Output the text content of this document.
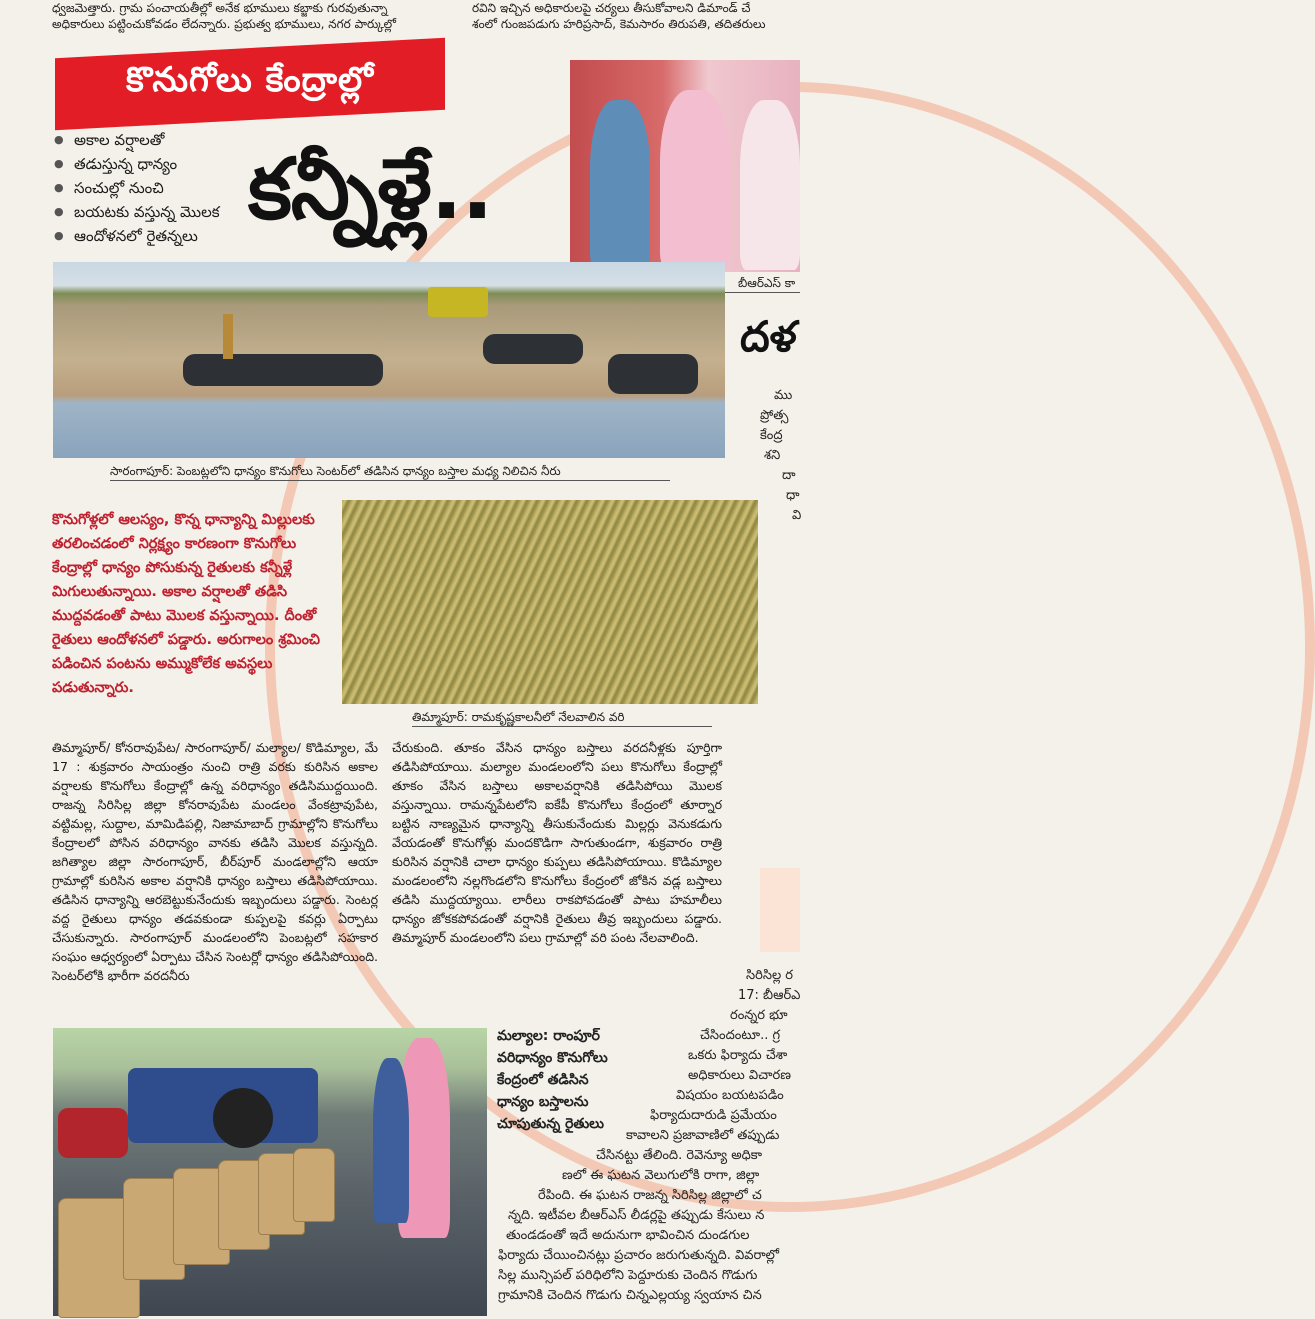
ధ్వజమెత్తారు. గ్రామ పంచాయతీల్లో అనేక భూములు కబ్జాకు గురవుతున్నా
అధికారులు పట్టించుకోవడం లేదన్నారు. ప్రభుత్వ భూములు, నగర పార్కుల్లో
రవిని ఇచ్చిన అధికారులపై చర్యలు తీసుకోవాలని డిమాండ్ చే
శంలో గుంజపడుగు హరిప్రసాద్, కెమసారం తిరుపతి, తదితరులు
కొనుగోలు కేంద్రాల్లో
● అకాల వర్షాలతో
● తడుస్తున్న ధాన్యం
● సంచుల్లో నుంచి
● బయటకు వస్తున్న మొలక
● ఆందోళనలో రైతన్నలు కన్నీళ్లే..
బీఆర్ఎస్ కా
దళ
ము
ప్రోత్స
కేంద్ర
శని
దా
ధా
వి
సారంగాపూర్: పెంబట్లలోని ధాన్యం కొనుగోలు సెంటర్‌లో తడిసిన ధాన్యం బస్తాల మధ్య నిలిచిన నీరు

కొనుగోళ్లలో ఆలస్యం, కొన్న ధాన్యాన్ని మిల్లులకు తరలించడంలో నిర్లక్ష్యం కారణంగా కొనుగోలు కేంద్రాల్లో ధాన్యం పోసుకున్న రైతులకు కన్నీళ్లే మిగులుతున్నాయి. అకాల వర్షాలతో తడిసి ముద్దవడంతో పాటు మొలక వస్తున్నాయి. దీంతో రైతులు ఆందోళనలో పడ్డారు. అరుగాలం శ్రమించి పడించిన పంటను అమ్ముకోలేక అవస్థలు పడుతున్నారు.

తిమ్మాపూర్: రామకృష్ణకాలనీలో నేలవాలిన వరి

తిమ్మాపూర్/ కోనరావుపేట/ సారంగాపూర్/ మల్యాల/ కొడిమ్యాల, మే 17 : శుక్రవారం సాయంత్రం నుంచి రాత్రి వరకు కురిసిన అకాల వర్షాలకు కొనుగోలు కేంద్రాల్లో ఉన్న వరిధాన్యం తడిసిముద్దయింది. రాజన్న సిరిసిల్ల జిల్లా కోనరావుపేట మండలం వేంకట్రావుపేట, వట్టిమల్ల, సుద్దాల, మామిడిపల్లి, నిజామాబాద్ గ్రామాల్లోని కొనుగోలు కేంద్రాలలో పోసిన వరిధాన్యం వానకు తడిసి మొలక వస్తున్నది. జగిత్యాల జిల్లా సారంగాపూర్, బీర్‌పూర్ మండలాల్లోని ఆయా గ్రామాల్లో కురిసిన అకాల వర్షానికి ధాన్యం బస్తాలు తడిసిపోయాయి. తడిసిన ధాన్యాన్ని ఆరబెట్టుకునేందుకు ఇబ్బందులు పడ్డారు. సెంటర్ల వద్ద రైతులు ధాన్యం తడవకుండా కుప్పలపై కవర్లు ఏర్పాటు చేసుకున్నారు. సారంగాపూర్ మండలంలోని పెంబట్లలో సహకార సంఘం ఆధ్వర్యంలో ఏర్పాటు చేసిన సెంటర్లో ధాన్యం తడిసిపోయింది. సెంటర్‌లోకి భారీగా వరదనీరు

చేరుకుంది. తూకం వేసిన ధాన్యం బస్తాలు వరదనీళ్లకు పూర్తిగా తడిసిపోయాయి. మల్యాల మండలంలోని పలు కొనుగోలు కేంద్రాల్లో తూకం వేసిన బస్తాలు అకాలవర్షానికి తడిసిపోయి మొలక వస్తున్నాయి. రామన్నపేటలోని ఐకేపీ కొనుగోలు కేంద్రంలో తూర్నార బట్టిన నాణ్యమైన ధాన్యాన్ని తీసుకునేందుకు మిల్లర్లు వెనుకడుగు వేయడంతో కొనుగోళ్లు మందకొడిగా సాగుతుండగా, శుక్రవారం రాత్రి కురిసిన వర్షానికి చాలా ధాన్యం కుప్పలు తడిసిపోయాయి. కొడిమ్యాల మండలంలోని నల్లగొండలోని కొనుగోలు కేంద్రంలో జోకిన వడ్ల బస్తాలు తడిసి ముద్దయ్యాయి. లారీలు రాకపోవడంతో పాటు హమాలీలు ధాన్యం జోకకపోవడంతో వర్షానికి రైతులు తీవ్ర ఇబ్బందులు పడ్డారు. తిమ్మాపూర్ మండలంలోని పలు గ్రామాల్లో వరి పంట నేలవాలింది.

మల్యాల: రాంపూర్ వరిధాన్యం కొనుగోలు కేంద్రంలో తడిసిన ధాన్యం బస్తాలను చూపుతున్న రైతులు

సిరిసిల్ల ర
17: బీఆర్ఎ
రంన్నర భూ
చేసిందంటూ.. గ్ర
ఒకరు ఫిర్యాదు చేశా
అధికారులు విచారణ
విషయం బయటపడిం
ఫిర్యాదుదారుడి ప్రమేయం
కావాలని ప్రజావాణిలో తప్పుడు
చేసినట్టు తేలింది. రెవెన్యూ అధికా
ణలో ఈ ఘటన వెలుగులోకి రాగా, జిల్లా
రేపింది. ఈ ఘటన రాజన్న సిరిసిల్ల జిల్లాలో చ
న్నది. ఇటీవల బీఆర్ఎస్ లీడర్లపై తప్పుడు కేసులు న
తుండడంతో ఇదే అదునుగా భావించిన దుండగుల
ఫిర్యాదు చేయించినట్లు ప్రచారం జరుగుతున్నది. వివరాల్లో
సిల్ల మున్సిపల్ పరిధిలోని పెద్దూరుకు చెందిన గొడుగు
గ్రామానికి చెందిన గొడుగు చిన్నఎల్లయ్య స్వయాన చిన
